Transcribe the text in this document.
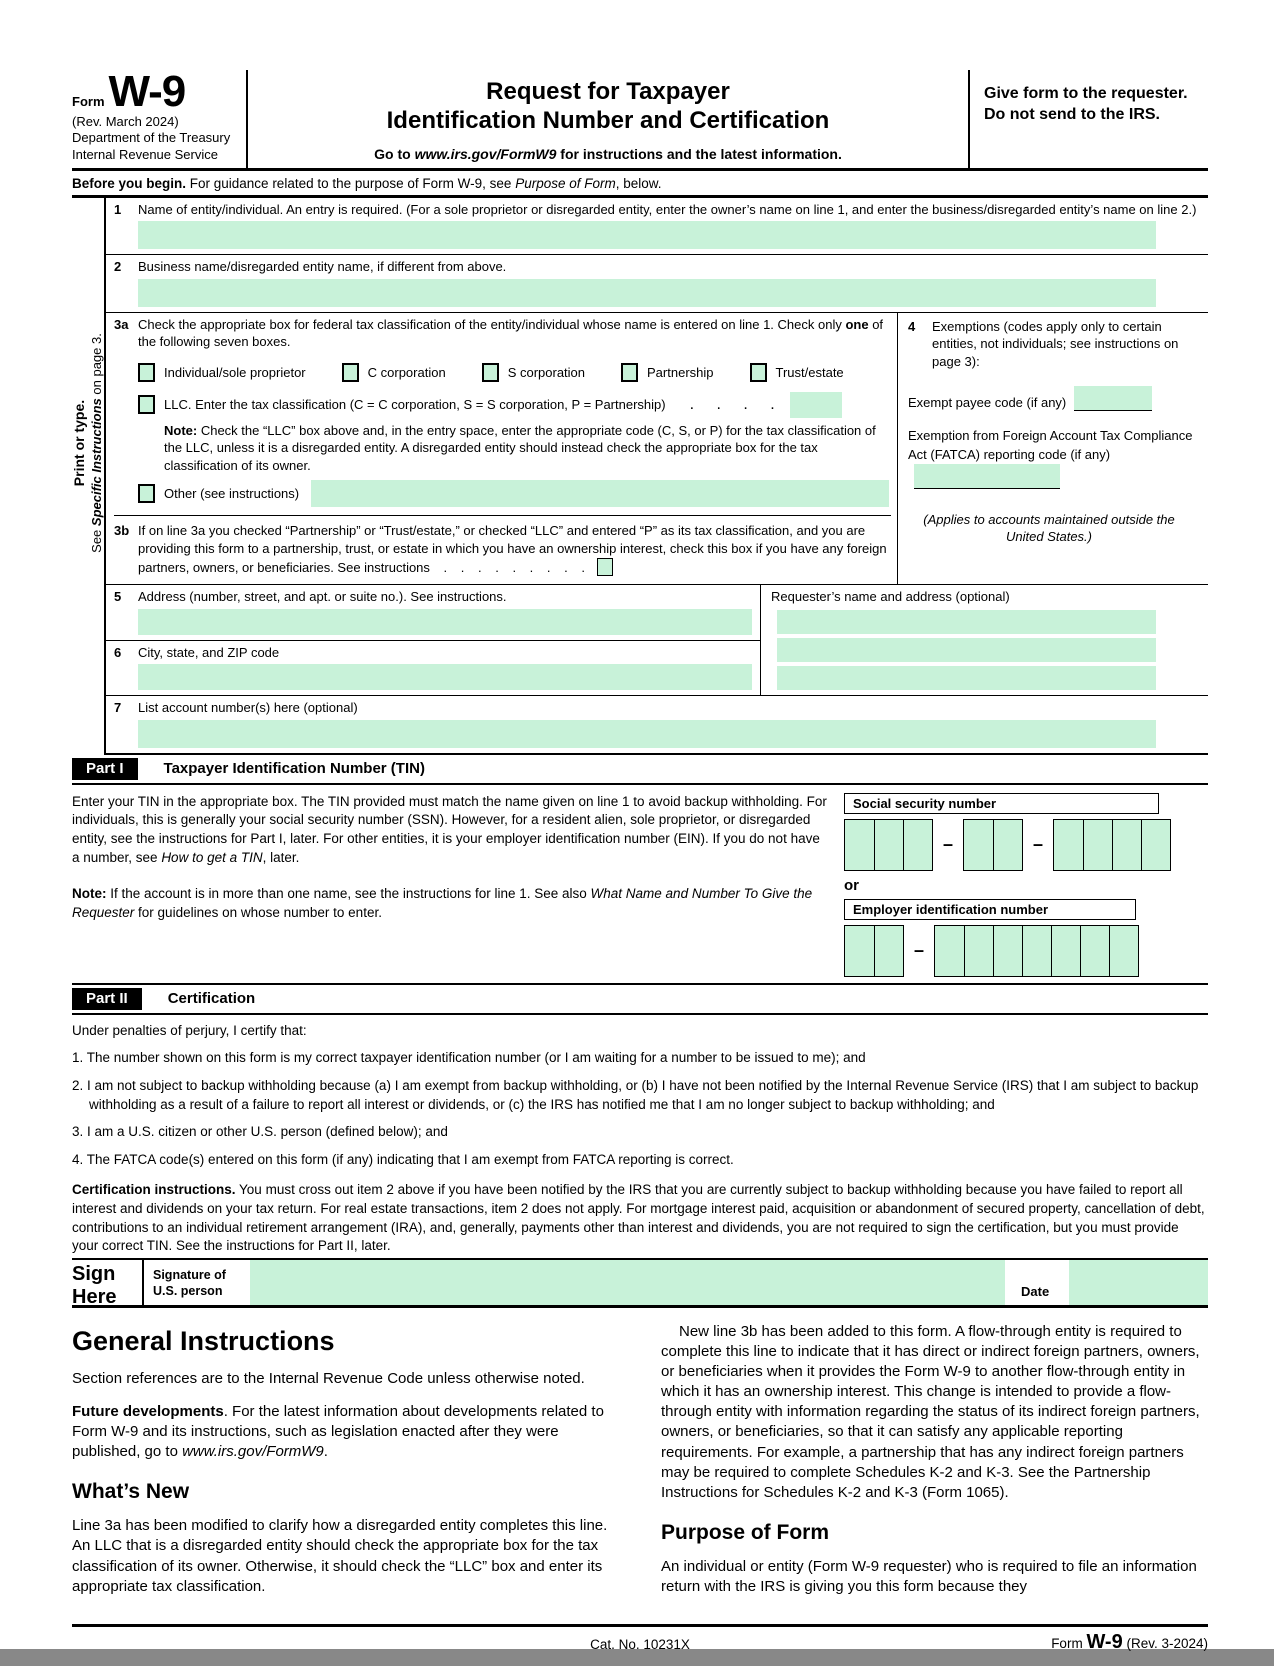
FormW-9
(Rev. March 2024)
Department of the Treasury
Internal Revenue Service
Request for Taxpayer
Identification Number and Certification
Go to www.irs.gov/FormW9 for instructions and the latest information.
Give form to the requester. Do not send to the IRS.
Before you begin. For guidance related to the purpose of Form W-9, see Purpose of Form, below.
Print or type.
See Specific Instructions on page 3.
1	Name of entity/individual. An entry is required. (For a sole proprietor or disregarded entity, enter the owner’s name on line 1, and enter the business/disregarded entity’s name on line 2.)
2	Business name/disregarded entity name, if different from above.
3a Check the appropriate box for federal tax classification of the entity/individual whose name is entered on line 1. Check only one of the following seven boxes.
Individual/sole proprietor	C corporation	S corporation	Partnership	Trust/estate
LLC. Enter the tax classification (C = C corporation, S = S corporation, P = Partnership) . . . .
Note: Check the “LLC” box above and, in the entry space, enter the appropriate code (C, S, or P) for the tax classification of the LLC, unless it is a disregarded entity. A disregarded entity should instead check the appropriate box for the tax classification of its owner.
Other (see instructions)
3b If on line 3a you checked “Partnership” or “Trust/estate,” or checked “LLC” and entered “P” as its tax classification, and you are providing this form to a partnership, trust, or estate in which you have an ownership interest, check this box if you have any foreign partners, owners, or beneficiaries. See instructions . . . . . . . . .
4	Exemptions (codes apply only to certain entities, not individuals; see instructions on page 3):
Exempt payee code (if any)
Exemption from Foreign Account Tax Compliance Act (FATCA) reporting code (if any)
(Applies to accounts maintained outside the United States.)
5	Address (number, street, and apt. or suite no.). See instructions.
6	City, state, and ZIP code
Requester’s name and address (optional)
7	List account number(s) here (optional)
Part I	Taxpayer Identification Number (TIN)

Enter your TIN in the appropriate box. The TIN provided must match the name given on line 1 to avoid backup withholding. For individuals, this is generally your social security number (SSN). However, for a resident alien, sole proprietor, or disregarded entity, see the instructions for Part I, later. For other entities, it is your employer identification number (EIN). If you do not have a number, see How to get a TIN, later.

Note: If the account is in more than one name, see the instructions for line 1. See also What Name and Number To Give the Requester for guidelines on whose number to enter.

Social security number
–	–
or
Employer identification number
–
Part II	Certification
Under penalties of perjury, I certify that:
1. The number shown on this form is my correct taxpayer identification number (or I am waiting for a number to be issued to me); and
2. I am not subject to backup withholding because (a) I am exempt from backup withholding, or (b) I have not been notified by the Internal Revenue Service (IRS) that I am subject to backup withholding as a result of a failure to report all interest or dividends, or (c) the IRS has notified me that I am no longer subject to backup withholding; and
3. I am a U.S. citizen or other U.S. person (defined below); and
4. The FATCA code(s) entered on this form (if any) indicating that I am exempt from FATCA reporting is correct.
Certification instructions. You must cross out item 2 above if you have been notified by the IRS that you are currently subject to backup withholding because you have failed to report all interest and dividends on your tax return. For real estate transactions, item 2 does not apply. For mortgage interest paid, acquisition or abandonment of secured property, cancellation of debt, contributions to an individual retirement arrangement (IRA), and, generally, payments other than interest and dividends, you are not required to sign the certification, but you must provide your correct TIN. See the instructions for Part II, later.
Sign
Here
Signature of
U.S. person	Date
General Instructions

Section references are to the Internal Revenue Code unless otherwise noted.

Future developments. For the latest information about developments related to Form W-9 and its instructions, such as legislation enacted after they were published, go to www.irs.gov/FormW9.

What’s New

Line 3a has been modified to clarify how a disregarded entity completes this line. An LLC that is a disregarded entity should check the appropriate box for the tax classification of its owner. Otherwise, it should check the “LLC” box and enter its appropriate tax classification.

New line 3b has been added to this form. A flow-through entity is required to complete this line to indicate that it has direct or indirect foreign partners, owners, or beneficiaries when it provides the Form W-9 to another flow-through entity in which it has an ownership interest. This change is intended to provide a flow-through entity with information regarding the status of its indirect foreign partners, owners, or beneficiaries, so that it can satisfy any applicable reporting requirements. For example, a partnership that has any indirect foreign partners may be required to complete Schedules K-2 and K-3. See the Partnership Instructions for Schedules K-2 and K-3 (Form 1065).

Purpose of Form

An individual or entity (Form W-9 requester) who is required to file an information return with the IRS is giving you this form because they

Cat. No. 10231X	Form W-9 (Rev. 3-2024)
